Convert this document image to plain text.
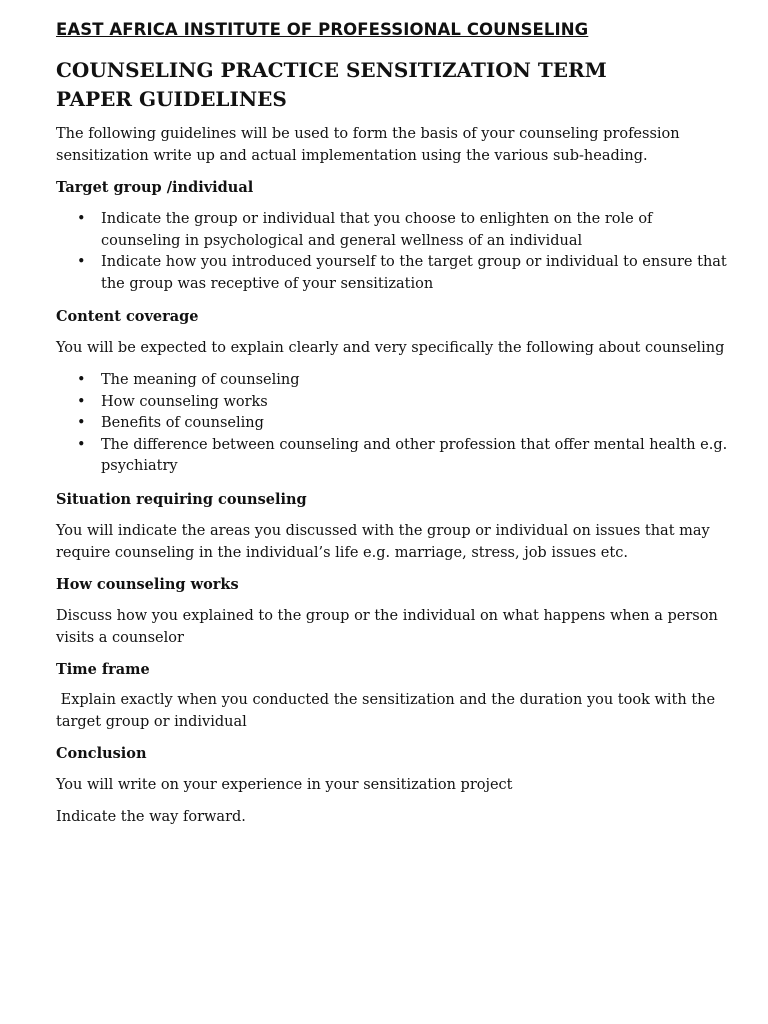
EAST AFRICA INSTITUTE OF PROFESSIONAL COUNSELING
COUNSELING PRACTICE SENSITIZATION TERM PAPER GUIDELINES
The following guidelines will be used to form the basis of your counseling profession sensitization write up and actual implementation using the various sub-heading.
Target group /individual
• Indicate the group or individual that you choose to enlighten on the role of counseling in psychological and general wellness of an individual
• Indicate how you introduced yourself to the target group or individual to ensure that the group was receptive of your sensitization
Content coverage
You will be expected to explain clearly and very specifically the following about counseling
• The meaning of counseling
• How counseling works
• Benefits of counseling
• The difference between counseling and other profession that offer mental health e.g. psychiatry
Situation requiring counseling
You will indicate the areas you discussed with the group or individual on issues that may require counseling in the individual’s life e.g. marriage, stress, job issues etc.
How counseling works
Discuss how you explained to the group or the individual on what happens when a person visits a counselor
Time frame
Explain exactly when you conducted the sensitization and the duration you took with the target group or individual
Conclusion
You will write on your experience in your sensitization project
Indicate the way forward.
